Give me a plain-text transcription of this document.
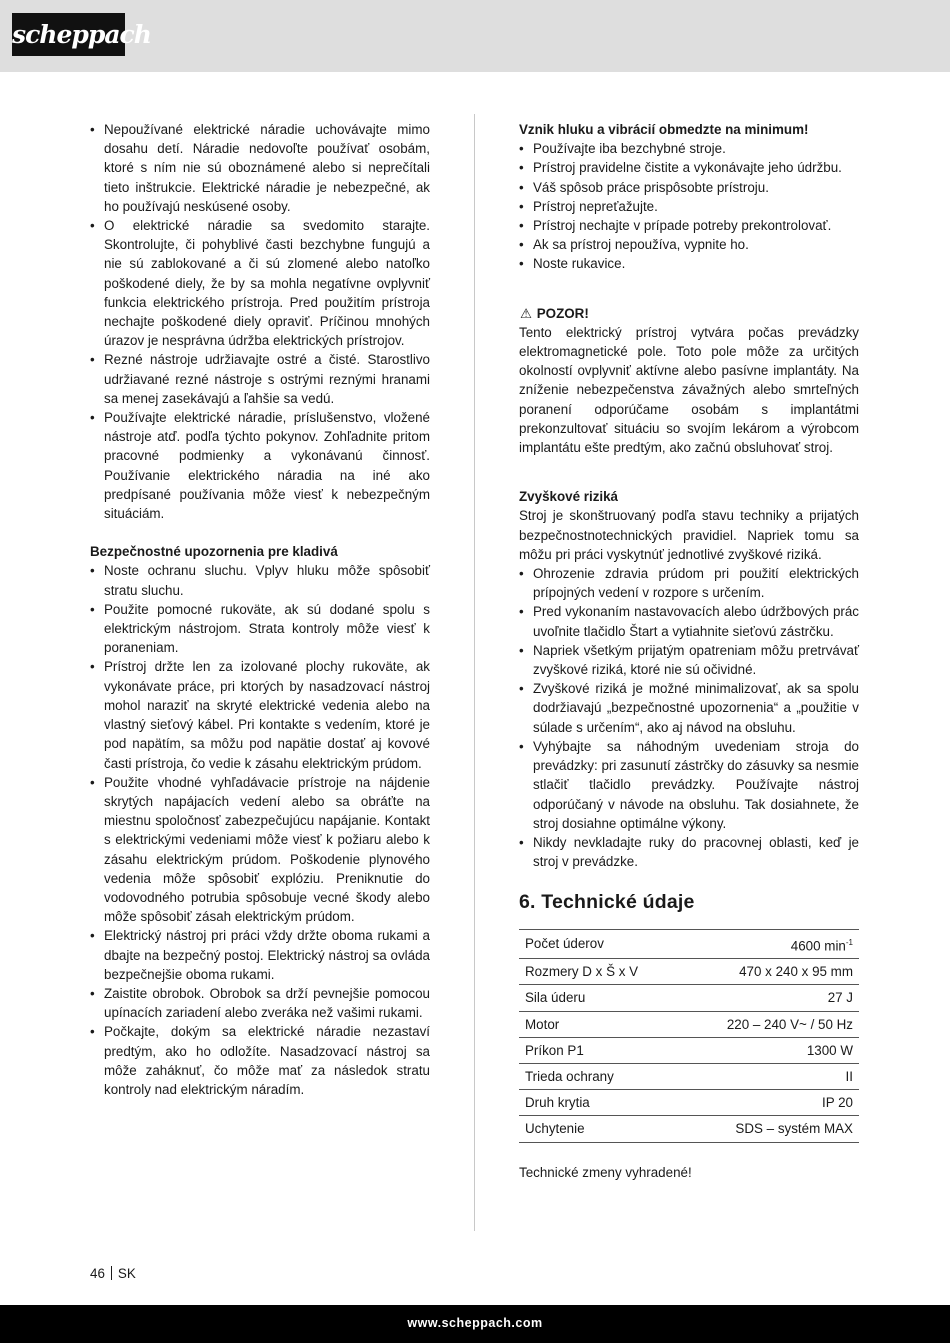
scheppach
• Nepoužívané elektrické náradie uchovávajte mimo dosahu detí. Náradie nedovoľte používať osobám, ktoré s ním nie sú oboznámené alebo si neprečítali tieto inštrukcie. Elektrické náradie je nebezpečné, ak ho používajú neskúsené osoby.
• O elektrické náradie sa svedomito starajte. Skontrolujte, či pohyblivé časti bezchybne fungujú a nie sú zablokované a či sú zlomené alebo natoľko poškodené diely, že by sa mohla negatívne ovplyvniť funkcia elektrického prístroja. Pred použitím prístroja nechajte poškodené diely opraviť. Príčinou mnohých úrazov je nesprávna údržba elektrických prístrojov.
• Rezné nástroje udržiavajte ostré a čisté. Starostlivo udržiavané rezné nástroje s ostrými reznými hranami sa menej zasekávajú a ľahšie sa vedú.
• Používajte elektrické náradie, príslušenstvo, vložené nástroje atď. podľa týchto pokynov. Zohľadnite pritom pracovné podmienky a vykonávanú činnosť. Používanie elektrického náradia na iné ako predpísané používania môže viesť k nebezpečným situáciám.

Bezpečnostné upozornenia pre kladivá

• Noste ochranu sluchu. Vplyv hluku môže spôsobiť stratu sluchu.
• Použite pomocné rukoväte, ak sú dodané spolu s elektrickým nástrojom. Strata kontroly môže viesť k poraneniam.
• Prístroj držte len za izolované plochy rukoväte, ak vykonávate práce, pri ktorých by nasadzovací nástroj mohol naraziť na skryté elektrické vedenia alebo na vlastný sieťový kábel. Pri kontakte s vedením, ktoré je pod napätím, sa môžu pod napätie dostať aj kovové časti prístroja, čo vedie k zásahu elektrickým prúdom.
• Použite vhodné vyhľadávacie prístroje na nájdenie skrytých napájacích vedení alebo sa obráťte na miestnu spoločnosť zabezpečujúcu napájanie. Kontakt s elektrickými vedeniami môže viesť k požiaru alebo k zásahu elektrickým prúdom. Poškodenie plynového vedenia môže spôsobiť explóziu. Preniknutie do vodovodného potrubia spôsobuje vecné škody alebo môže spôsobiť zásah elektrickým prúdom.
• Elektrický nástroj pri práci vždy držte oboma rukami a dbajte na bezpečný postoj. Elektrický nástroj sa ovláda bezpečnejšie oboma rukami.
• Zaistite obrobok. Obrobok sa drží pevnejšie pomocou upínacích zariadení alebo zveráka než vašimi rukami.
• Počkajte, dokým sa elektrické náradie nezastaví predtým, ako ho odložíte. Nasadzovací nástroj sa môže zaháknuť, čo môže mať za následok stratu kontroly nad elektrickým náradím.

Vznik hluku a vibrácií obmedzte na minimum!

• Používajte iba bezchybné stroje.
• Prístroj pravidelne čistite a vykonávajte jeho údržbu.
• Váš spôsob práce prispôsobte prístroju.
• Prístroj nepreťažujte.
• Prístroj nechajte v prípade potreby prekontrolovať.
• Ak sa prístroj nepoužíva, vypnite ho.
• Noste rukavice.

⚠ POZOR!

Tento elektrický prístroj vytvára počas prevádzky elektromagnetické pole. Toto pole môže za určitých okolností ovplyvniť aktívne alebo pasívne implantáty. Na zníženie nebezpečenstva závažných alebo smrteľných poranení odporúčame osobám s implantátmi prekonzultovať situáciu so svojím lekárom a výrobcom implantátu ešte predtým, ako začnú obsluhovať stroj.

Zvyškové riziká

Stroj je skonštruovaný podľa stavu techniky a prijatých bezpečnostnotechnických pravidiel. Napriek tomu sa môžu pri práci vyskytnúť jednotlivé zvyškové riziká.

• Ohrozenie zdravia prúdom pri použití elektrických prípojných vedení v rozpore s určením.
• Pred vykonaním nastavovacích alebo údržbových prác uvoľnite tlačidlo Štart a vytiahnite sieťovú zástrčku.
• Napriek všetkým prijatým opatreniam môžu pretrvávať zvyškové riziká, ktoré nie sú očividné.
• Zvyškové riziká je možné minimalizovať, ak sa spolu dodržiavajú „bezpečnostné upozornenia“ a „použitie v súlade s určením“, ako aj návod na obsluhu.
• Vyhýbajte sa náhodným uvedeniam stroja do prevádzky: pri zasunutí zástrčky do zásuvky sa nesmie stlačiť tlačidlo prevádzky. Používajte nástroj odporúčaný v návode na obsluhu. Tak dosiahnete, že stroj dosiahne optimálne výkony.
• Nikdy nevkladajte ruky do pracovnej oblasti, keď je stroj v prevádzke.
6. Technické údaje
Počet úderov	4600 $\min^{-1}$
Rozmery D x Š x V	470 x 240 x 95 mm
Sila úderu	27 J
Motor	220 – 240 V~ / 50 Hz
Príkon P1	1300 W
Trieda ochrany	II
Druh krytia	IP 20
Uchytenie	SDS – systém MAX

Technické zmeny vyhradené!

46 SK
www.scheppach.com
